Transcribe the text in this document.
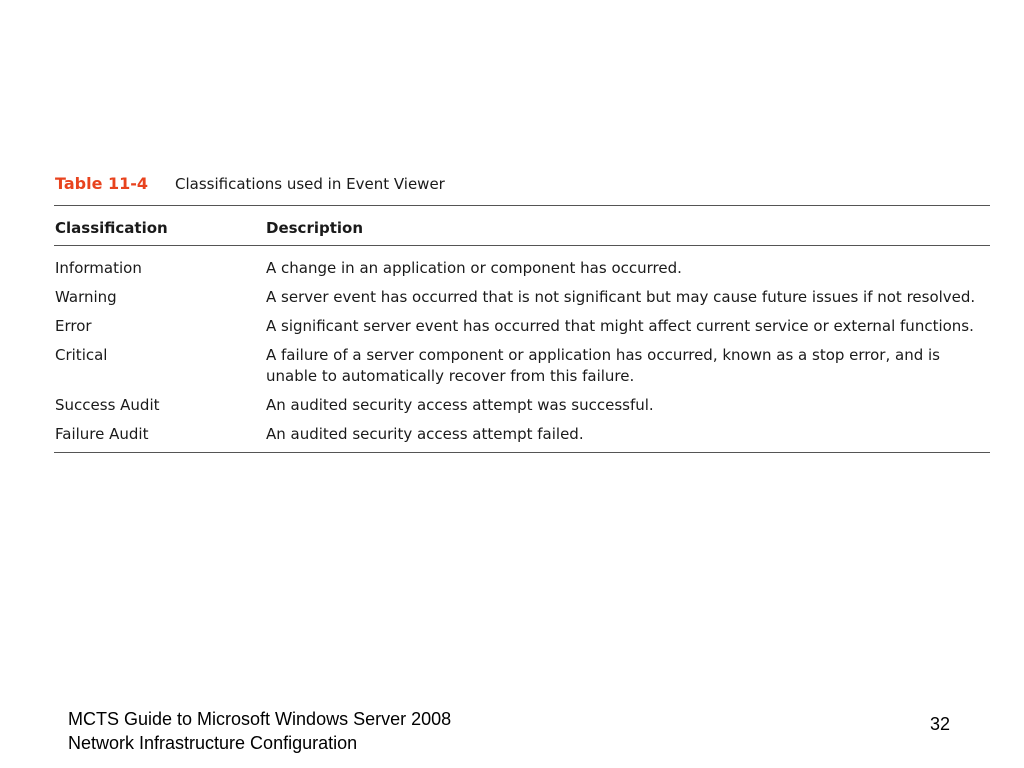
Table 11-4 Classifications used in Event Viewer
Classification	Description
Information	A change in an application or component has occurred.
Warning	A server event has occurred that is not significant but may cause future issues if not resolved.
Error	A significant server event has occurred that might affect current service or external functions.
Critical	A failure of a server component or application has occurred, known as a stop error, and is unable to automatically recover from this failure.
Success Audit	An audited security access attempt was successful.
Failure Audit	An audited security access attempt failed.
MCTS Guide to Microsoft Windows Server 2008
Network Infrastructure Configuration
32
